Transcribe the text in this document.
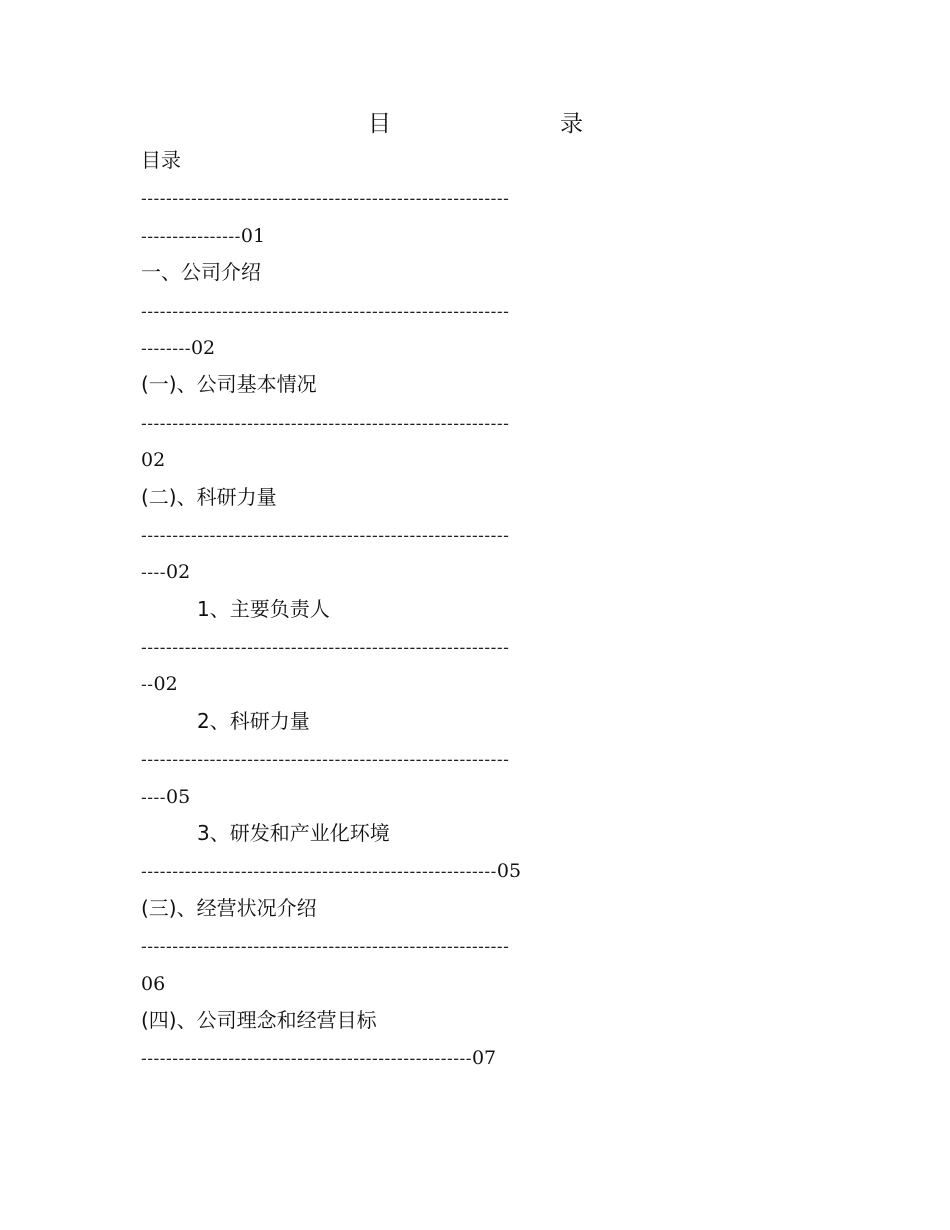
目	录
目录
-----------------------------------------------------------
----------------01
一、公司介绍
-----------------------------------------------------------
--------02
(一)、公司基本情况
-----------------------------------------------------------
02
(二)、科研力量
-----------------------------------------------------------
----02
1、主要负责人
-----------------------------------------------------------
--02
2、科研力量
-----------------------------------------------------------
----05
3、研发和产业化环境
---------------------------------------------------------05
(三)、经营状况介绍
-----------------------------------------------------------
06
(四)、公司理念和经营目标
-----------------------------------------------------07
